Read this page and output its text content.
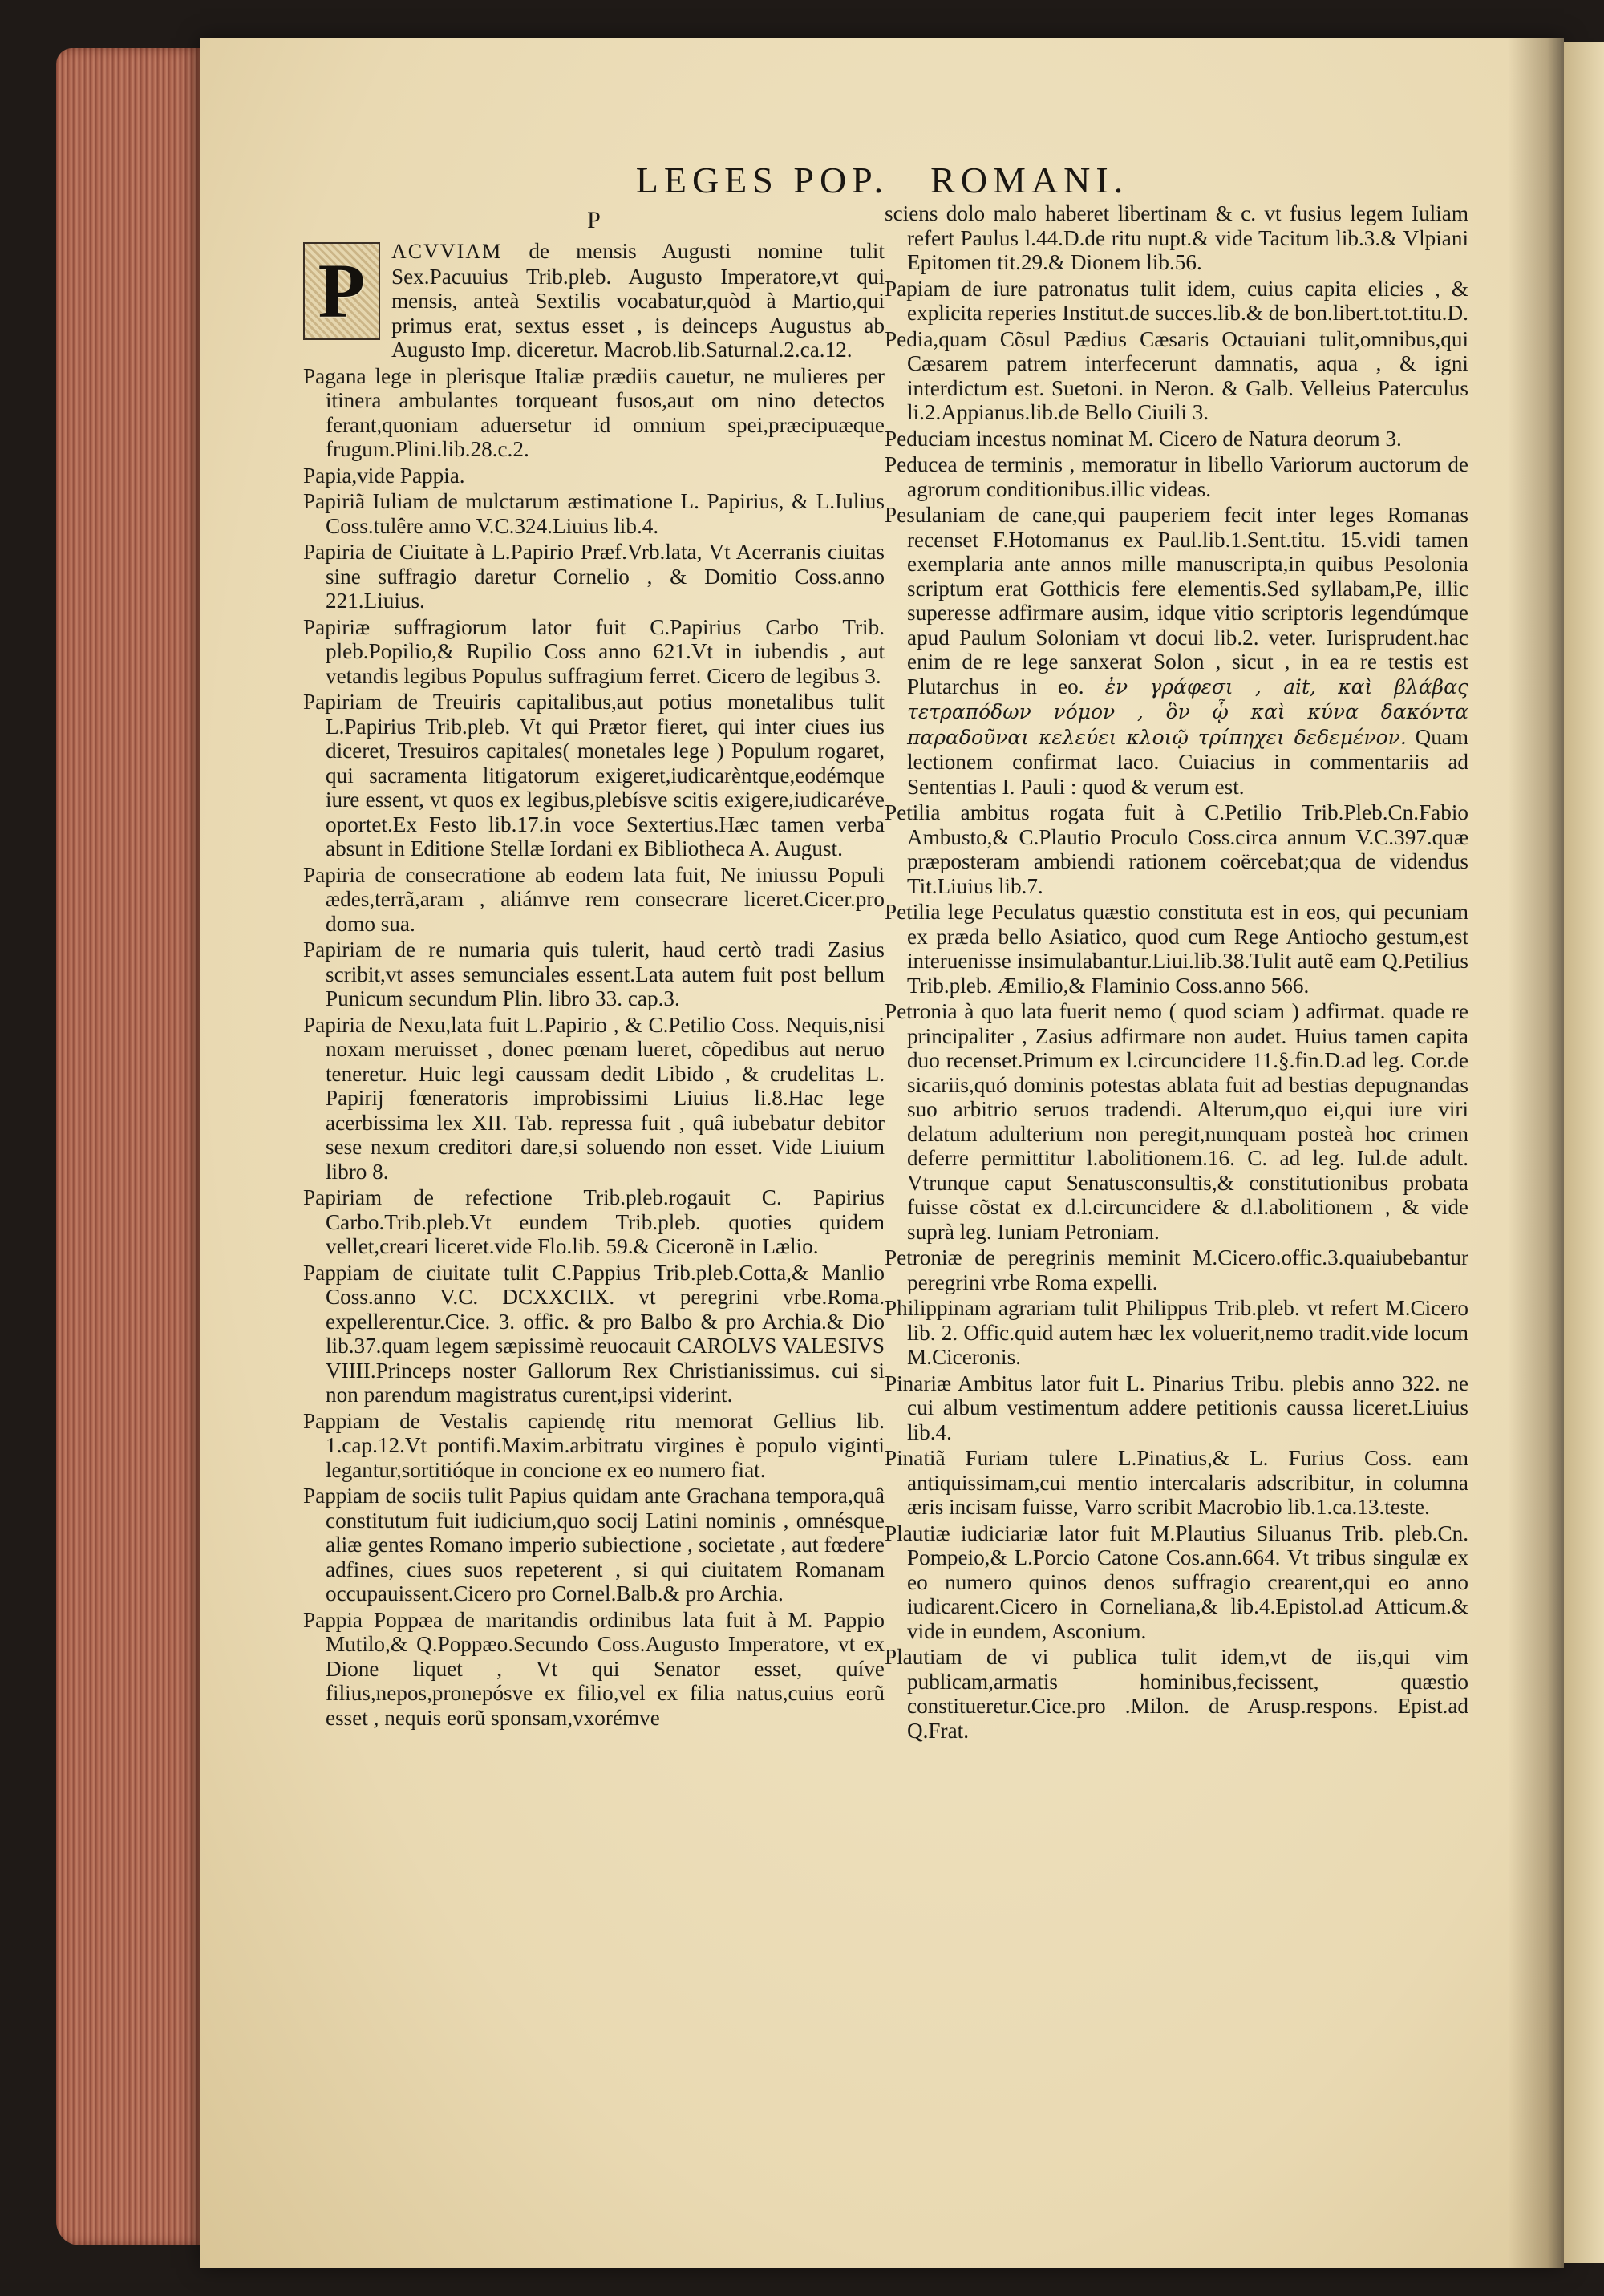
LEGES POP. ROMANI.
P

P ACVVIAM de mensis Augusti nomine tulit Sex.Pacuuius Trib.pleb. Augusto Imperatore,vt qui mensis, anteà Sextilis vocabatur,quòd à Martio,qui primus erat, sextus esset , is deinceps Augustus ab Augusto Imp. diceretur. Macrob.lib.Saturnal.2.ca.12.

Pagana lege in plerisque Italiæ prædiis cauetur, ne mulieres per itinera ambulantes torqueant fusos,aut om nino detectos ferant,quoniam aduersetur id omnium spei,præcipuæque frugum.Plini.lib.28.c.2.

Papia,vide Pappia.

Papiriã Iuliam de mulctarum æstimatione L. Papirius, & L.Iulius Coss.tulêre anno V.C.324.Liuius lib.4.

Papiria de Ciuitate à L.Papirio Præf.Vrb.lata, Vt Acerranis ciuitas sine suffragio daretur Cornelio , & Domitio Coss.anno 221.Liuius.

Papiriæ suffragiorum lator fuit C.Papirius Carbo Trib. pleb.Popilio,& Rupilio Coss anno 621.Vt in iubendis , aut vetandis legibus Populus suffragium ferret. Cicero de legibus 3.

Papiriam de Treuiris capitalibus,aut potius monetalibus tulit L.Papirius Trib.pleb. Vt qui Prætor fieret, qui inter ciues ius diceret, Tresuiros capitales( monetales lege ) Populum rogaret, qui sacramenta litigatorum exigeret,iudicarèntque,eodémque iure essent, vt quos ex legibus,plebísve scitis exigere,iudicaréve oportet.Ex Festo lib.17.in voce Sextertius.Hæc tamen verba absunt in Editione Stellæ Iordani ex Bibliotheca A. August.

Papiria de consecratione ab eodem lata fuit, Ne iniussu Populi ædes,terrã,aram , aliámve rem consecrare liceret.Cicer.pro domo sua.

Papiriam de re numaria quis tulerit, haud certò tradi Zasius scribit,vt asses semunciales essent.Lata autem fuit post bellum Punicum secundum Plin. libro 33. cap.3.

Papiria de Nexu,lata fuit L.Papirio , & C.Petilio Coss. Nequis,nisi noxam meruisset , donec pœnam lueret, cõpedibus aut neruo teneretur. Huic legi caussam dedit Libido , & crudelitas L. Papirij fœneratoris improbissimi Liuius li.8.Hac lege acerbissima lex XII. Tab. repressa fuit , quâ iubebatur debitor sese nexum creditori dare,si soluendo non esset. Vide Liuium libro 8.

Papiriam de refectione Trib.pleb.rogauit C. Papirius Carbo.Trib.pleb.Vt eundem Trib.pleb. quoties quidem vellet,creari liceret.vide Flo.lib. 59.& Ciceronẽ in Lælio.

Pappiam de ciuitate tulit C.Pappius Trib.pleb.Cotta,& Manlio Coss.anno V.C. DCXXCIIX. vt peregrini vrbe.Roma. expellerentur.Cice. 3. offic. & pro Balbo & pro Archia.& Dio lib.37.quam legem sæpissimè reuocauit CAROLVS VALESIVS VIIII.Princeps noster Gallorum Rex Christianissimus. cui si non parendum magistratus curent,ipsi viderint.

Pappiam de Vestalis capiendę ritu memorat Gellius lib. 1.cap.12.Vt pontifi.Maxim.arbitratu virgines è populo viginti legantur,sortitióque in concione ex eo numero fiat.

Pappiam de sociis tulit Papius quidam ante Grachana tempora,quâ constitutum fuit iudicium,quo socij Latini nominis , omnésque aliæ gentes Romano imperio subiectione , societate , aut fœdere adfines, ciues suos repeterent , si qui ciuitatem Romanam occupauissent.Cicero pro Cornel.Balb.& pro Archia.

Pappia Poppæa de maritandis ordinibus lata fuit à M. Pappio Mutilo,& Q.Poppæo.Secundo Coss.Augusto Imperatore, vt ex Dione liquet , Vt qui Senator esset, quíve filius,nepos,pronepósve ex filio,vel ex filia natus,cuius eorũ esset , nequis eorũ sponsam,vxorémve

sciens dolo malo haberet libertinam & c. vt fusius legem Iuliam refert Paulus l.44.D.de ritu nupt.& vide Tacitum lib.3.& Vlpiani Epitomen tit.29.& Dionem lib.56.

Papiam de iure patronatus tulit idem, cuius capita elicies , & explicita reperies Institut.de succes.lib.& de bon.libert.tot.titu.D.

Pedia,quam Cõsul Pædius Cæsaris Octauiani tulit,omnibus,qui Cæsarem patrem interfecerunt damnatis, aqua , & igni interdictum est. Suetoni. in Neron. & Galb. Velleius Paterculus li.2.Appianus.lib.de Bello Ciuili 3.

Peduciam incestus nominat M. Cicero de Natura deorum 3.

Peducea de terminis , memoratur in libello Variorum auctorum de agrorum conditionibus.illic videas.

Pesulaniam de cane,qui pauperiem fecit inter leges Romanas recenset F.Hotomanus ex Paul.lib.1.Sent.titu. 15.vidi tamen exemplaria ante annos mille manuscripta,in quibus Pesolonia scriptum erat Gotthicis fere elementis.Sed syllabam,Pe, illic superesse adfirmare ausim, idque vitio scriptoris legendúmque apud Paulum Soloniam vt docui lib.2. veter. Iurisprudent.hac enim de re lege sanxerat Solon , sicut , in ea re testis est Plutarchus in eo. ἐν γράφεσι , ait, καὶ βλάβας τετραπόδων νόμον , ὃν ᾧ καὶ κύνα δακόντα παραδοῦναι κελεύει κλοιῷ τρίπηχει δεδεμένον. Quam lectionem confirmat Iaco. Cuiacius in commentariis ad Sententias I. Pauli : quod & verum est.

Petilia ambitus rogata fuit à C.Petilio Trib.Pleb.Cn.Fabio Ambusto,& C.Plautio Proculo Coss.circa annum V.C.397.quæ præposteram ambiendi rationem coërcebat;qua de videndus Tit.Liuius lib.7.

Petilia lege Peculatus quæstio constituta est in eos, qui pecuniam ex præda bello Asiatico, quod cum Rege Antiocho gestum,est interuenisse insimulabantur.Liui.lib.38.Tulit autẽ eam Q.Petilius Trib.pleb. Æmilio,& Flaminio Coss.anno 566.

Petronia à quo lata fuerit nemo ( quod sciam ) adfirmat. quade re principaliter , Zasius adfirmare non audet. Huius tamen capita duo recenset.Primum ex l.circuncidere 11.§.fin.D.ad leg. Cor.de sicariis,quó dominis potestas ablata fuit ad bestias depugnandas suo arbitrio seruos tradendi. Alterum,quo ei,qui iure viri delatum adulterium non peregit,nunquam posteà hoc crimen deferre permittitur l.abolitionem.16. C. ad leg. Iul.de adult. Vtrunque caput Senatusconsultis,& constitutionibus probata fuisse cõstat ex d.l.circuncidere & d.l.abolitionem , & vide suprà leg. Iuniam Petroniam.

Petroniæ de peregrinis meminit M.Cicero.offic.3.quaiubebantur peregrini vrbe Roma expelli.

Philippinam agrariam tulit Philippus Trib.pleb. vt refert M.Cicero lib. 2. Offic.quid autem hæc lex voluerit,nemo tradit.vide locum M.Ciceronis.

Pinariæ Ambitus lator fuit L. Pinarius Tribu. plebis anno 322. ne cui album vestimentum addere petitionis caussa liceret.Liuius lib.4.

Pinatiã Furiam tulere L.Pinatius,& L. Furius Coss. eam antiquissimam,cui mentio intercalaris adscribitur, in columna æris incisam fuisse, Varro scribit Macrobio lib.1.ca.13.teste.

Plautiæ iudiciariæ lator fuit M.Plautius Siluanus Trib. pleb.Cn. Pompeio,& L.Porcio Catone Cos.ann.664. Vt tribus singulæ ex eo numero quinos denos suffragio crearent,qui eo anno iudicarent.Cicero in Corneliana,& lib.4.Epistol.ad Atticum.& vide in eundem, Asconium.

Plautiam de vi publica tulit idem,vt de iis,qui vim publicam,armatis hominibus,fecissent, quæstio constitueretur.Cice.pro .Milon. de Arusp.respons. Epist.ad Q.Frat.
